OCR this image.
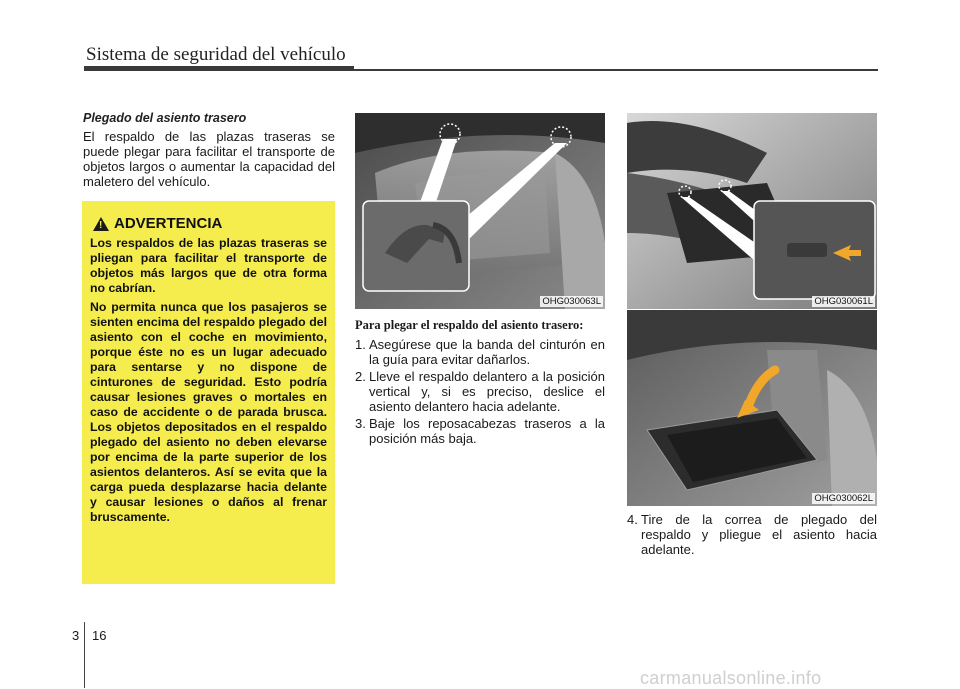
Sistema de seguridad del vehículo

Plegado del asiento trasero

El respaldo de las plazas traseras se puede plegar para facilitar el transporte de objetos largos o aumentar la capacidad del maletero del vehículo.

! ADVERTENCIA

Los respaldos de las plazas traseras se pliegan para facilitar el transporte de objetos más largos que de otra forma no cabrían.

No permita nunca que los pasajeros se sienten encima del respaldo plegado del asiento con el coche en movimiento, porque éste no es un lugar adecuado para sentarse y no dispone de cinturones de seguridad. Esto podría causar lesiones graves o mortales en caso de accidente o de parada brusca. Los objetos depositados en el respaldo plegado del asiento no deben elevarse por encima de la parte superior de los asientos delanteros. Así se evita que la carga pueda desplazarse hacia delante y causar lesiones o daños al frenar bruscamente.

OHG030063L	OHG030061L
OHG030062L

Para plegar el respaldo del asiento trasero:

1. Asegúrese que la banda del cinturón en la guía para evitar dañarlos.
2. Lleve el respaldo delantero a la posición vertical y, si es preciso, deslice el asiento delantero hacia adelante.
3. Baje los reposacabezas traseros a la posición más baja.
4. Tire de la correa de plegado del respaldo y pliegue el asiento hacia adelante.
3 16
carmanualsonline.info
